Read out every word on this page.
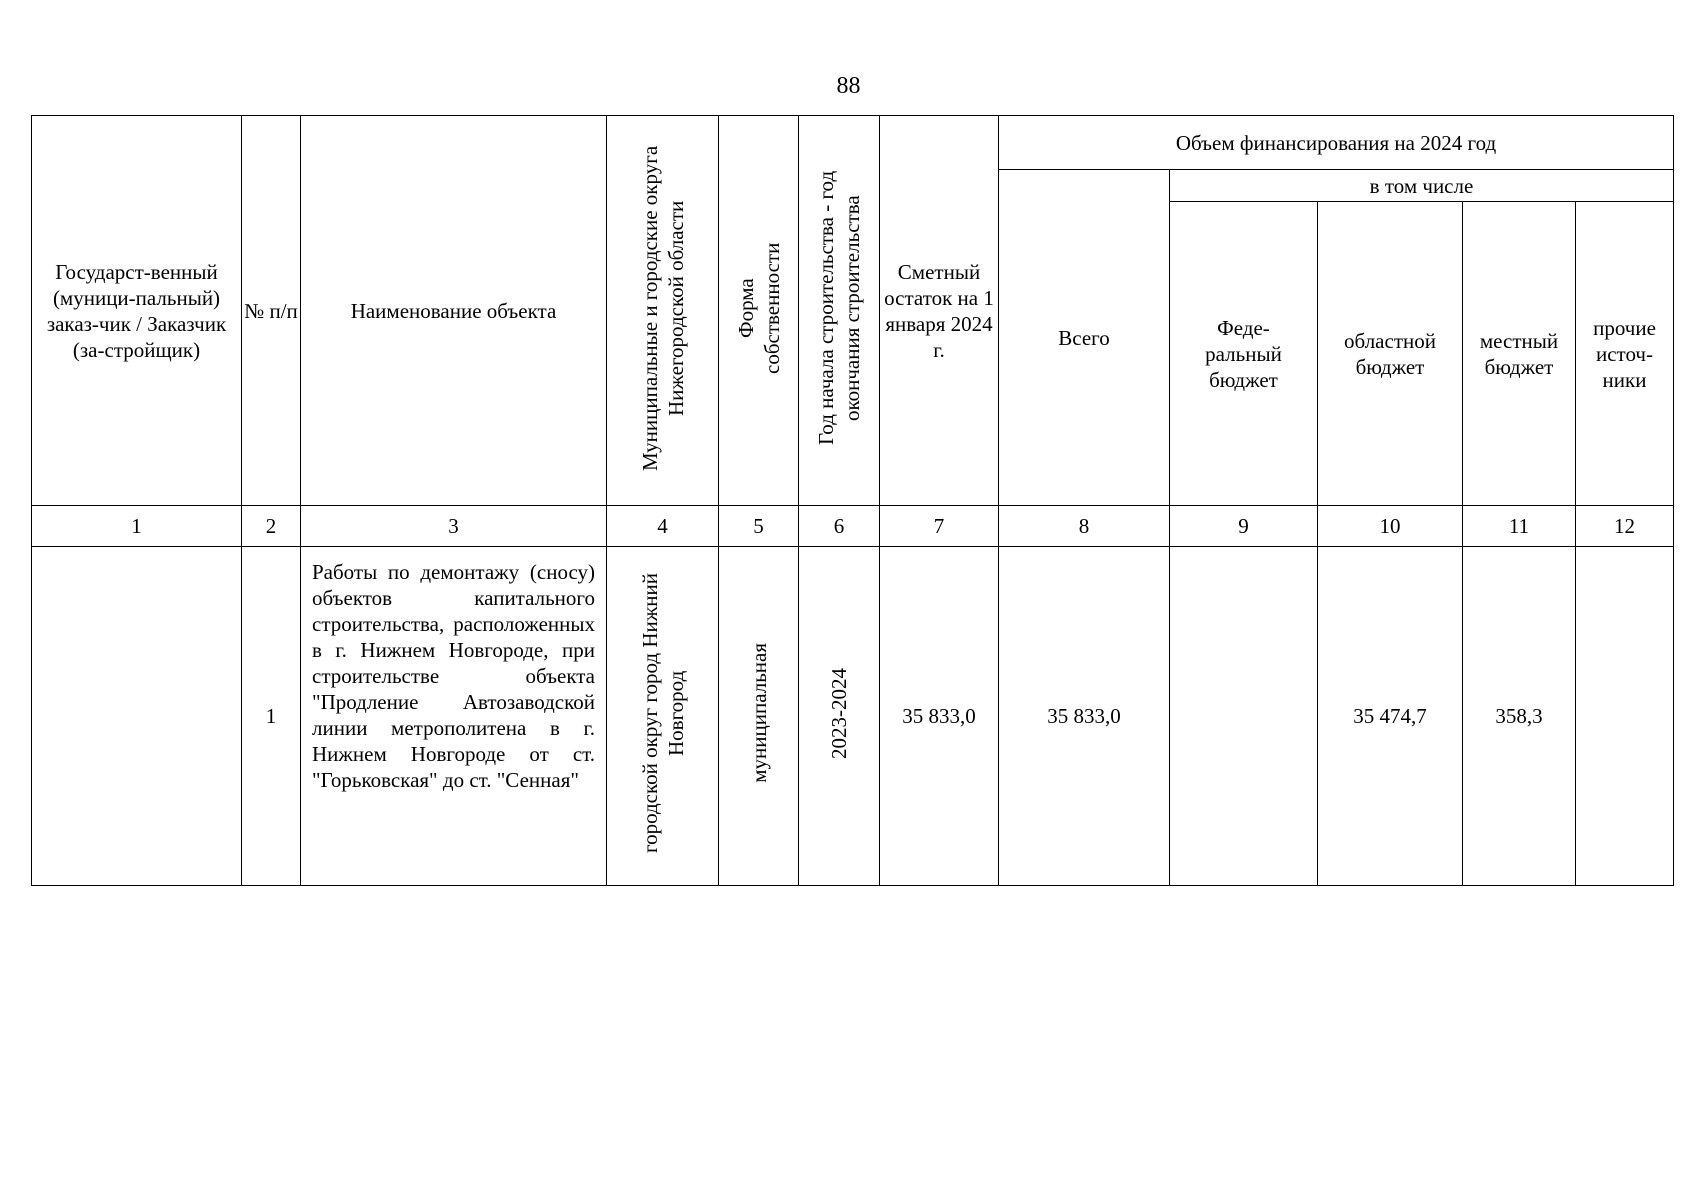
88
Государст-венный (муници-пальный) заказ-чик / Заказчик (за-стройщик)	№ п/п	Наименование объекта	Муниципальные и городские округа Нижегородской области	Форма собственности	Год начала строительства - год окончания строительства	Сметный остаток на 1 января 2024 г.	Объем финансирования на 2024 год				
							Всего	в том числе			
								Феде-ральный бюджет	областной бюджет	местный бюджет	прочие источ-ники
1	2	3	4	5	6	7	8	9	10	11	12
	1	Работы по демонтажу (сносу) объектов капитального строительства, расположенных в г. Нижнем Новгороде, при строительстве объекта "Продление Автозаводской линии метрополитена в г. Нижнем Новгороде от ст. "Горьковская" до ст. "Сенная"	городской округ город Нижний Новгород	муниципальная	2023-2024	35 833,0	35 833,0		35 474,7	358,3	
